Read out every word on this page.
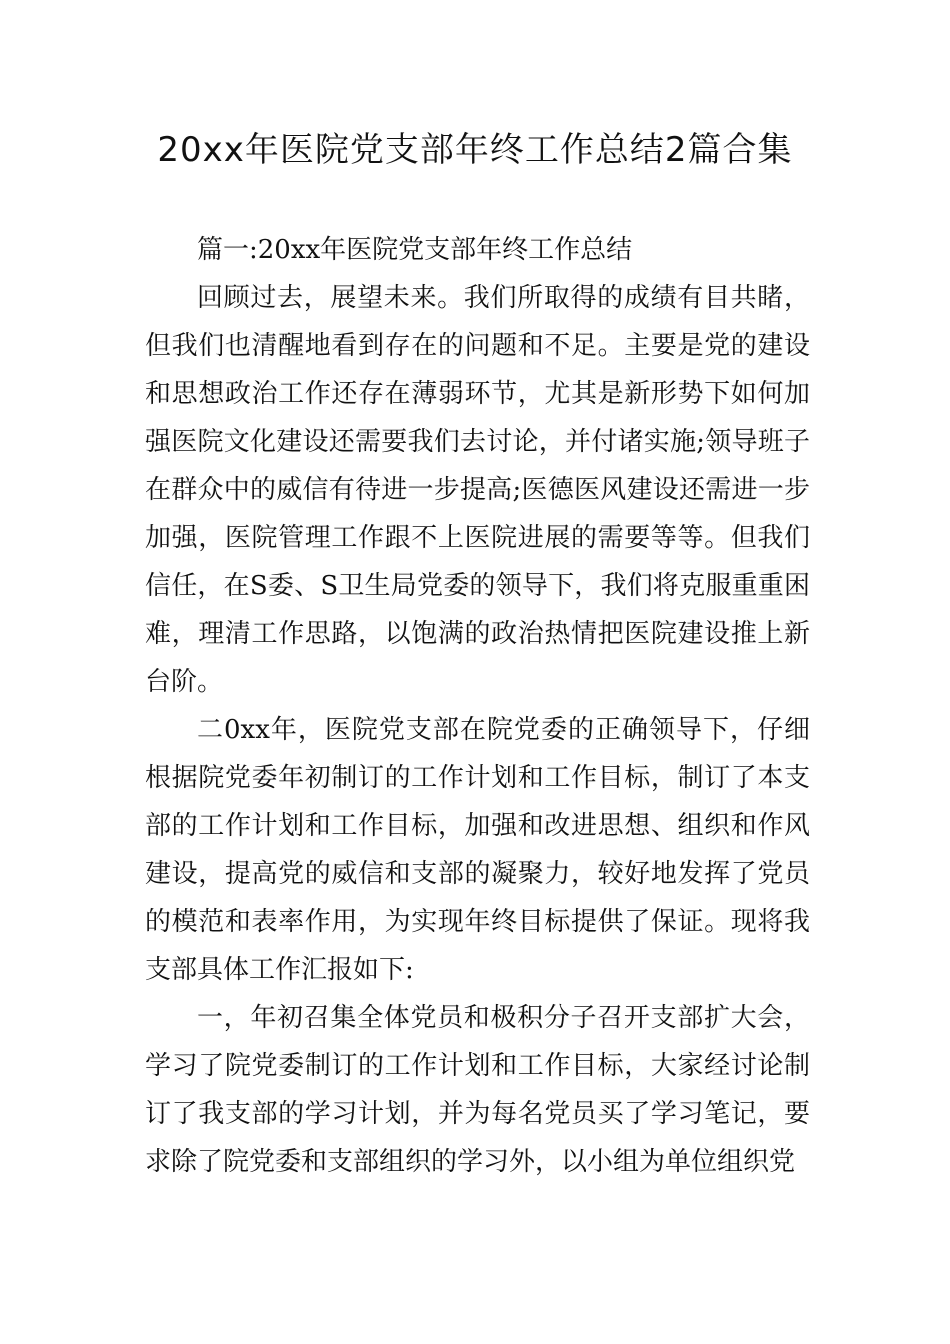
20xx年医院党支部年终工作总结2篇合集

篇一:20xx年医院党支部年终工作总结

回顾过去，展望未来。我们所取得的成绩有目共睹，但我们也清醒地看到存在的问题和不足。主要是党的建设和思想政治工作还存在薄弱环节，尤其是新形势下如何加强医院文化建设还需要我们去讨论，并付诸实施;领导班子在群众中的威信有待进一步提高;医德医风建设还需进一步加强，医院管理工作跟不上医院进展的需要等等。但我们信任，在S委、S卫生局党委的领导下，我们将克服重重困难，理清工作思路，以饱满的政治热情把医院建设推上新台阶。

二0xx年，医院党支部在院党委的正确领导下，仔细根据院党委年初制订的工作计划和工作目标，制订了本支部的工作计划和工作目标，加强和改进思想、组织和作风建设，提高党的威信和支部的凝聚力，较好地发挥了党员的模范和表率作用，为实现年终目标提供了保证。现将我支部具体工作汇报如下:

一，年初召集全体党员和极积分子召开支部扩大会，学习了院党委制订的工作计划和工作目标，大家经讨论制订了我支部的学习计划，并为每名党员买了学习笔记，要求除了院党委和支部组织的学习外，以小组为单位组织党
